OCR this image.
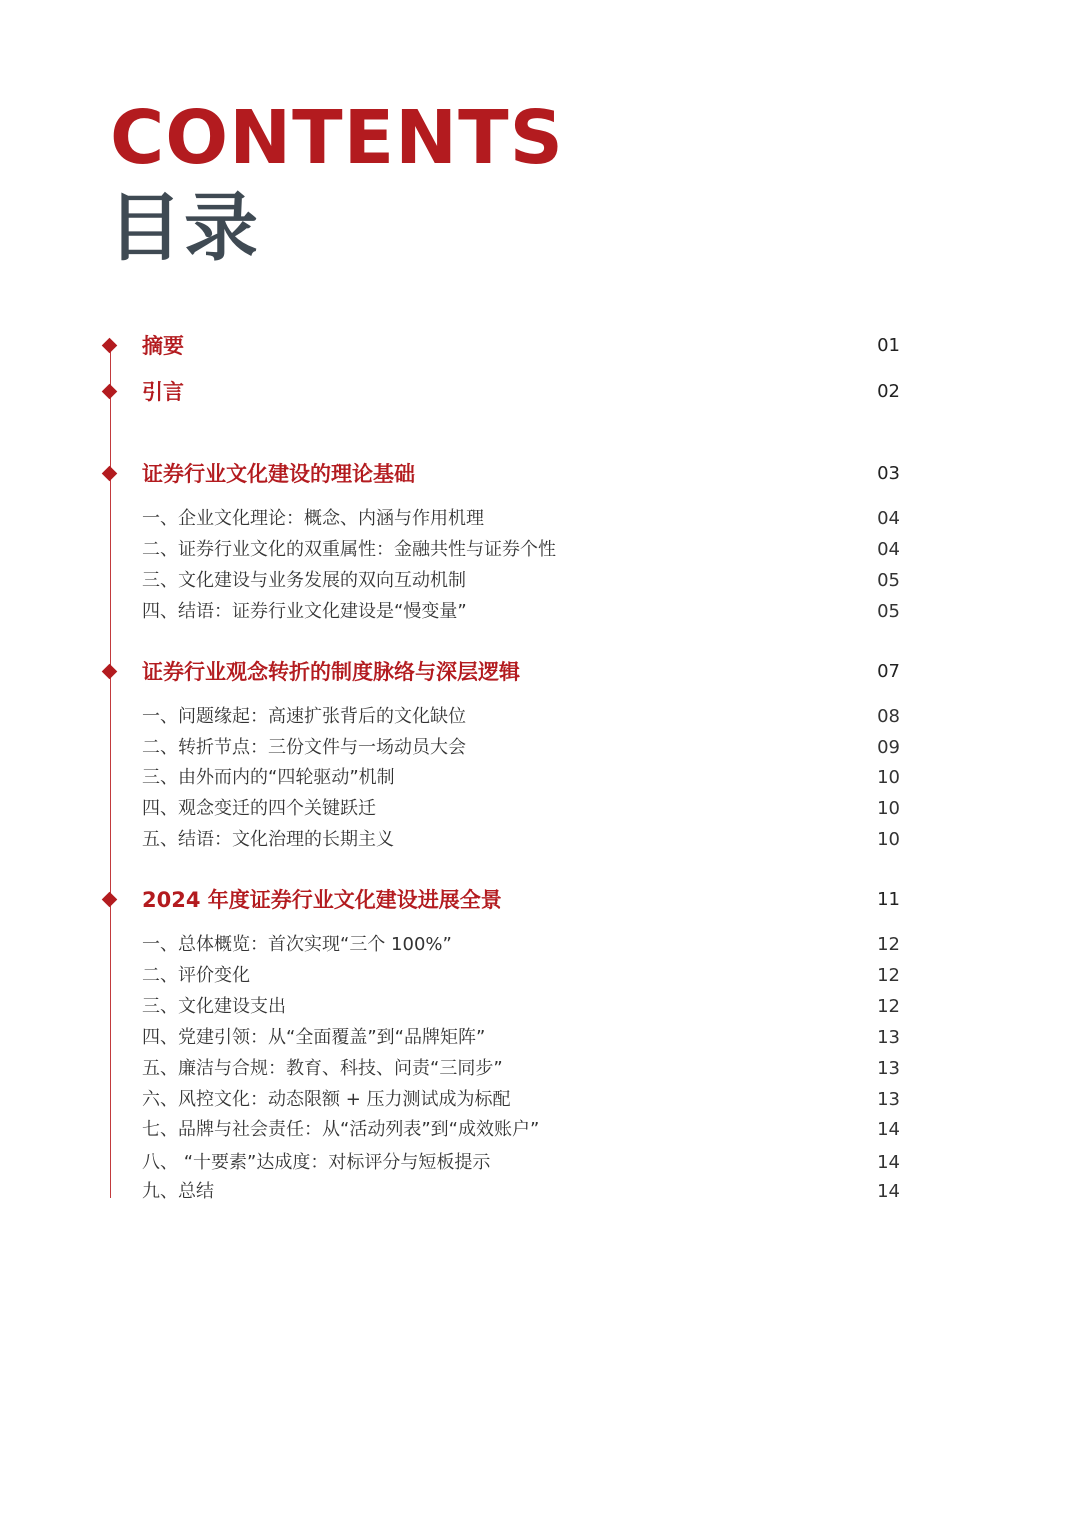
CONTENTS
目录
摘要	01
引言	02
证券行业文化建设的理论基础	03
一、企业文化理论：概念、内涵与作用机理	04
二、证券行业文化的双重属性：金融共性与证券个性	04
三、文化建设与业务发展的双向互动机制	05
四、结语：证券行业文化建设是“慢变量”	05
证券行业观念转折的制度脉络与深层逻辑	07
一、问题缘起：高速扩张背后的文化缺位	08
二、转折节点：三份文件与一场动员大会	09
三、由外而内的“四轮驱动”机制	10
四、观念变迁的四个关键跃迁	10
五、结语：文化治理的长期主义	10
2024 年度证券行业文化建设进展全景	11
一、总体概览：首次实现“三个 100%”	12
二、评价变化	12
三、文化建设支出	12
四、党建引领：从“全面覆盖”到“品牌矩阵”	13
五、廉洁与合规：教育、科技、问责“三同步”	13
六、风控文化：动态限额 + 压力测试成为标配	13
七、品牌与社会责任：从“活动列表”到“成效账户”	14
八、 “十要素”达成度：对标评分与短板提示	14
九、总结	14
